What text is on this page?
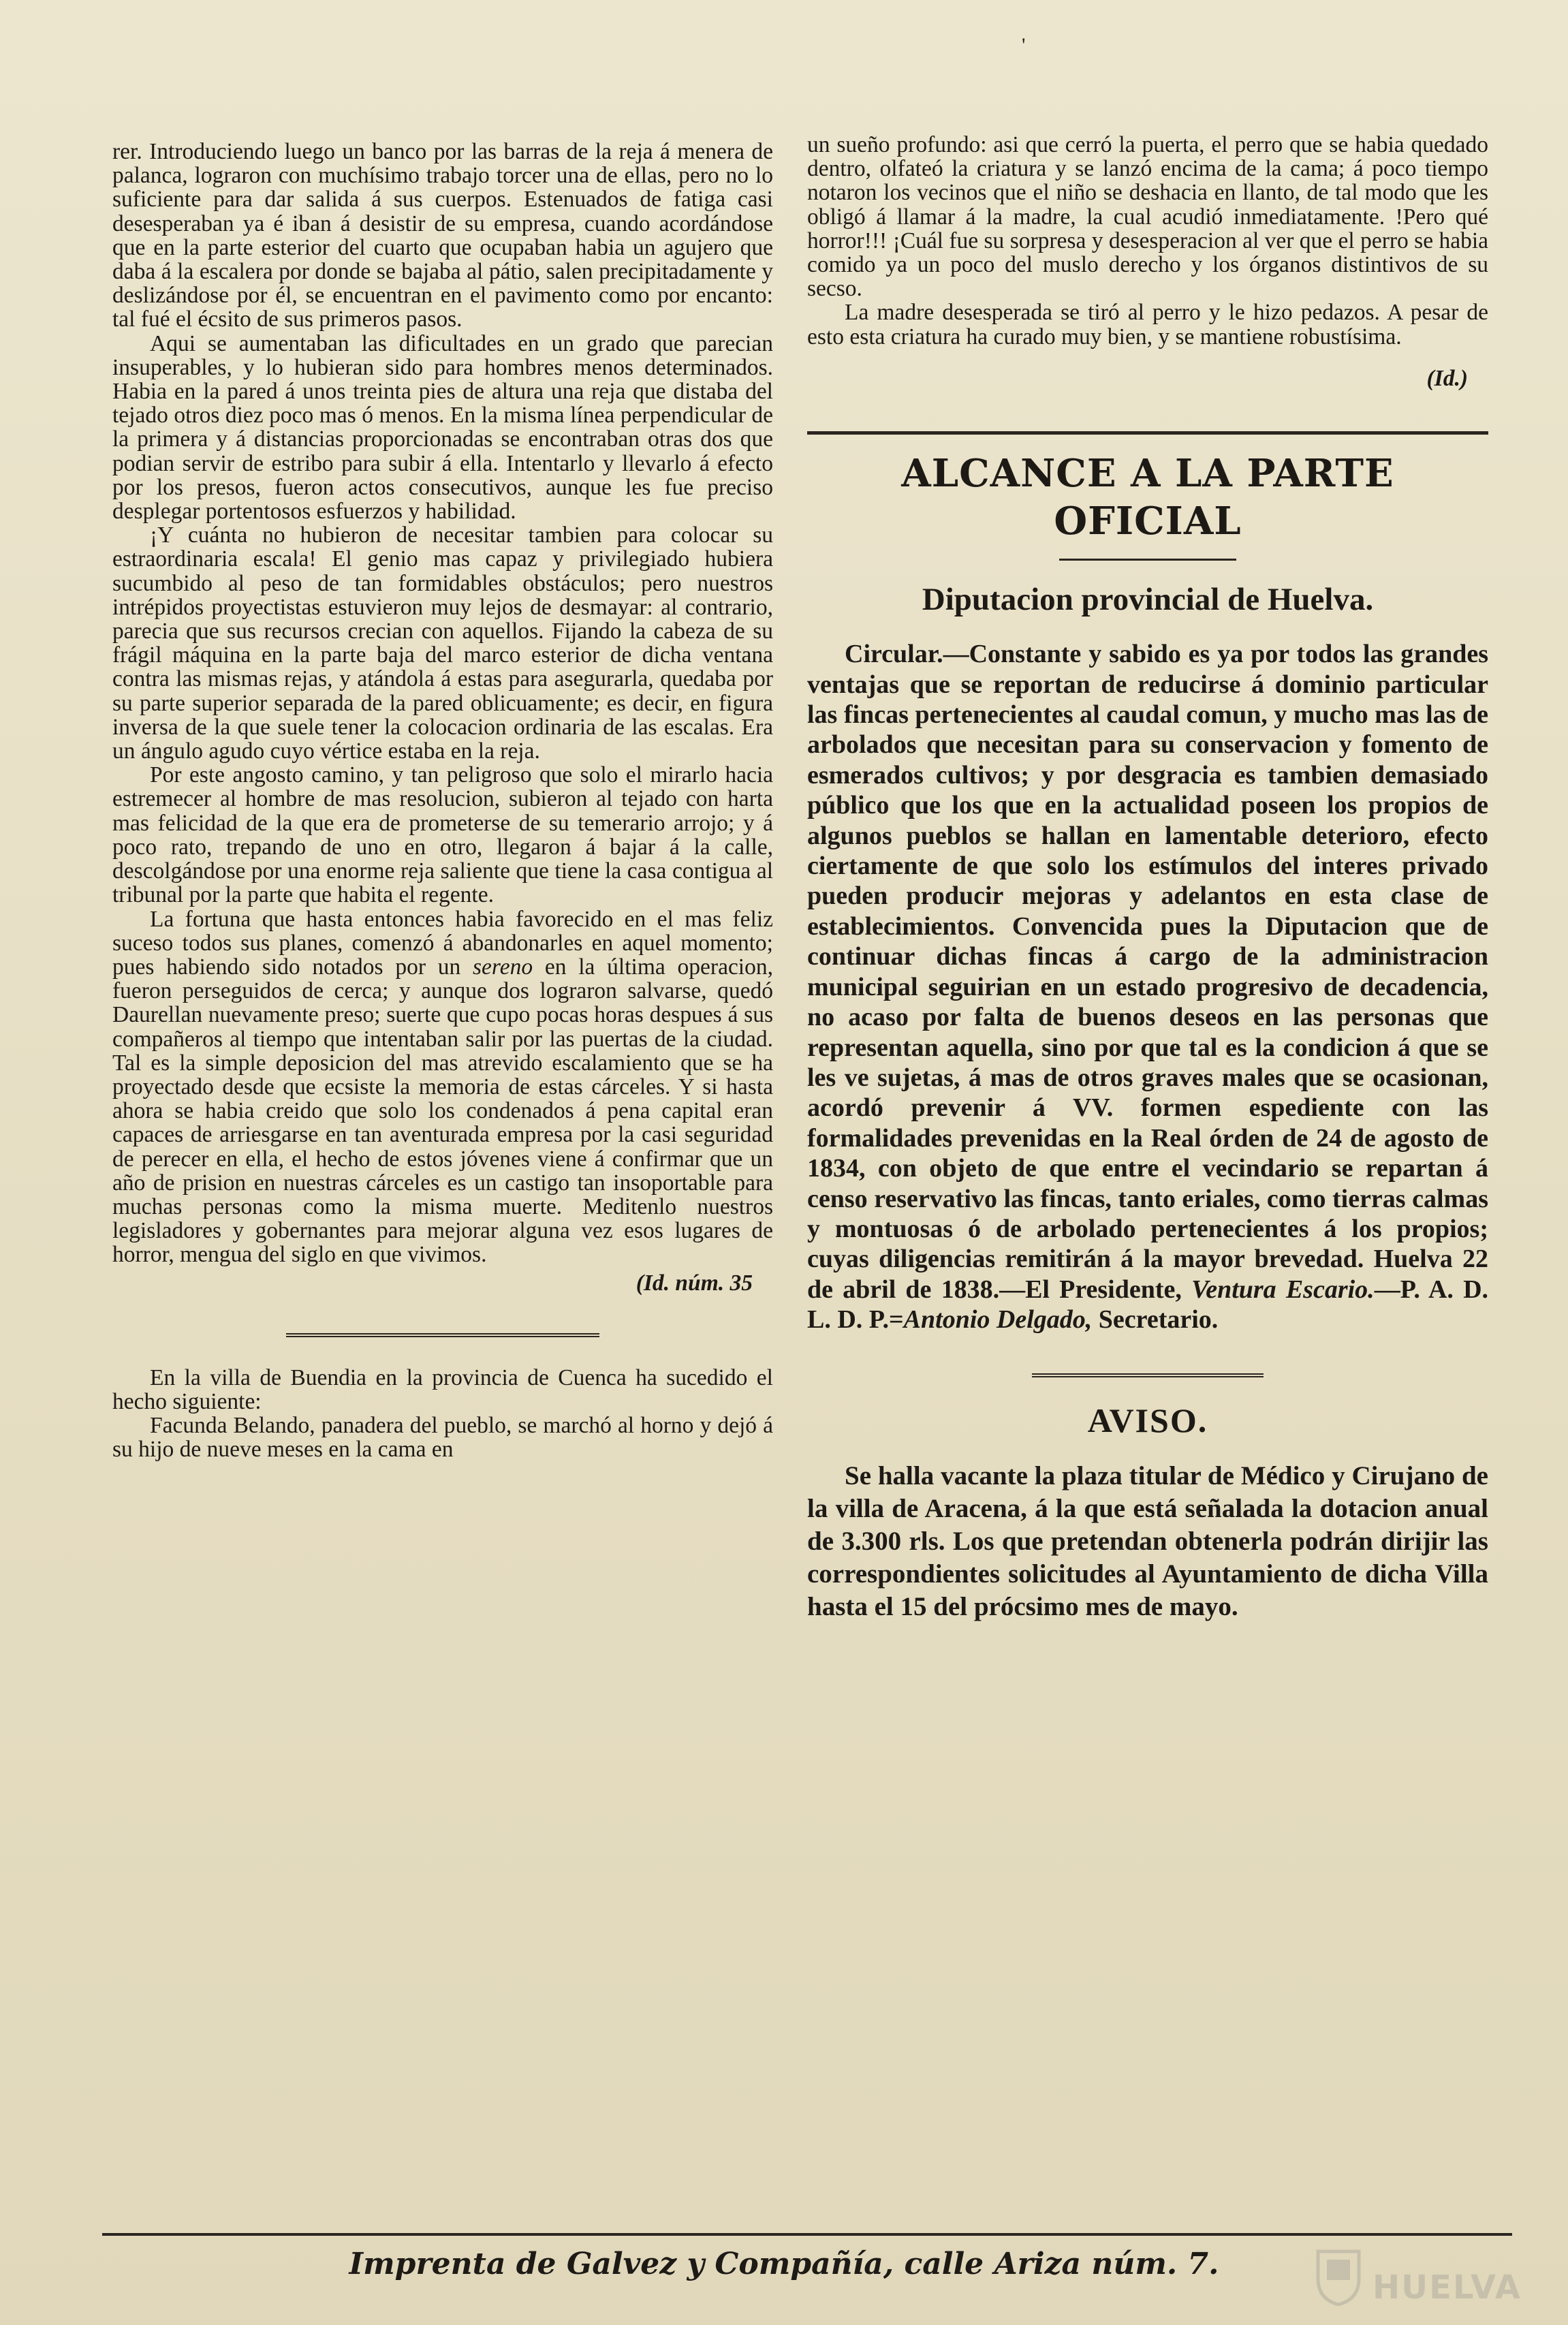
'

rer. Introduciendo luego un banco por las barras de la reja á menera de palanca, lograron con muchísimo trabajo torcer una de ellas, pero no lo suficiente para dar salida á sus cuerpos. Estenuados de fatiga casi desesperaban ya é iban á desistir de su empresa, cuando acordándose que en la parte esterior del cuarto que ocupaban habia un agujero que daba á la escalera por donde se bajaba al pátio, salen precipitadamente y deslizándose por él, se encuentran en el pavimento como por encanto: tal fué el écsito de sus primeros pasos.

Aqui se aumentaban las dificultades en un grado que parecian insuperables, y lo hubieran sido para hombres menos determinados. Habia en la pared á unos treinta pies de altura una reja que distaba del tejado otros diez poco mas ó menos. En la misma línea perpendicular de la primera y á distancias proporcionadas se encontraban otras dos que podian servir de estribo para subir á ella. Intentarlo y llevarlo á efecto por los presos, fueron actos consecutivos, aunque les fue preciso desplegar portentosos esfuerzos y habilidad.

¡Y cuánta no hubieron de necesitar tambien para colocar su estraordinaria escala! El genio mas capaz y privilegiado hubiera sucumbido al peso de tan formidables obstáculos; pero nuestros intrépidos proyectistas estuvieron muy lejos de desmayar: al contrario, parecia que sus recursos crecian con aquellos. Fijando la cabeza de su frágil máquina en la parte baja del marco esterior de dicha ventana contra las mismas rejas, y atándola á estas para asegurarla, quedaba por su parte superior separada de la pared oblicuamente; es decir, en figura inversa de la que suele tener la colocacion ordinaria de las escalas. Era un ángulo agudo cuyo vértice estaba en la reja.

Por este angosto camino, y tan peligroso que solo el mirarlo hacia estremecer al hombre de mas resolucion, subieron al tejado con harta mas felicidad de la que era de prometerse de su temerario arrojo; y á poco rato, trepando de uno en otro, llegaron á bajar á la calle, descolgándose por una enorme reja saliente que tiene la casa contigua al tribunal por la parte que habita el regente.

La fortuna que hasta entonces habia favorecido en el mas feliz suceso todos sus planes, comenzó á abandonarles en aquel momento; pues habiendo sido notados por un sereno en la última operacion, fueron perseguidos de cerca; y aunque dos lograron salvarse, quedó Daurellan nuevamente preso; suerte que cupo pocas horas despues á sus compañeros al tiempo que intentaban salir por las puertas de la ciudad. Tal es la simple deposicion del mas atrevido escalamiento que se ha proyectado desde que ecsiste la memoria de estas cárceles. Y si hasta ahora se habia creido que solo los condenados á pena capital eran capaces de arriesgarse en tan aventurada empresa por la casi seguridad de perecer en ella, el hecho de estos jóvenes viene á confirmar que un año de prision en nuestras cárceles es un castigo tan insoportable para muchas personas como la misma muerte. Meditenlo nuestros legisladores y gobernantes para mejorar alguna vez esos lugares de horror, mengua del siglo en que vivimos.

(Id. núm. 35

En la villa de Buendia en la provincia de Cuenca ha sucedido el hecho siguiente:

Facunda Belando, panadera del pueblo, se marchó al horno y dejó á su hijo de nueve meses en la cama en

un sueño profundo: asi que cerró la puerta, el perro que se habia quedado dentro, olfateó la criatura y se lanzó encima de la cama; á poco tiempo notaron los vecinos que el niño se deshacia en llanto, de tal modo que les obligó á llamar á la madre, la cual acudió inmediatamente. !Pero qué horror!!! ¡Cuál fue su sorpresa y desesperacion al ver que el perro se habia comido ya un poco del muslo derecho y los órganos distintivos de su secso.

La madre desesperada se tiró al perro y le hizo pedazos. A pesar de esto esta criatura ha curado muy bien, y se mantiene robustísima.

(Id.)
ALCANCE A LA PARTE OFICIAL
Diputacion provincial de Huelva.

Circular.—Constante y sabido es ya por todos las grandes ventajas que se reportan de reducirse á dominio particular las fincas pertenecientes al caudal comun, y mucho mas las de arbolados que necesitan para su conservacion y fomento de esmerados cultivos; y por desgracia es tambien demasiado público que los que en la actualidad poseen los propios de algunos pueblos se hallan en lamentable deterioro, efecto ciertamente de que solo los estímulos del interes privado pueden producir mejoras y adelantos en esta clase de establecimientos. Convencida pues la Diputacion que de continuar dichas fincas á cargo de la administracion municipal seguirian en un estado progresivo de decadencia, no acaso por falta de buenos deseos en las personas que representan aquella, sino por que tal es la condicion á que se les ve sujetas, á mas de otros graves males que se ocasionan, acordó prevenir á VV. formen espediente con las formalidades prevenidas en la Real órden de 24 de agosto de 1834, con objeto de que entre el vecindario se repartan á censo reservativo las fincas, tanto eriales, como tierras calmas y montuosas ó de arbolado pertenecientes á los propios; cuyas diligencias remitirán á la mayor brevedad. Huelva 22 de abril de 1838.—El Presidente, Ventura Escario.—P. A. D. L. D. P.=Antonio Delgado, Secretario.

AVISO.

Se halla vacante la plaza titular de Médico y Cirujano de la villa de Aracena, á la que está señalada la dotacion anual de 3.300 rls. Los que pretendan obtenerla podrán dirijir las correspondientes solicitudes al Ayuntamiento de dicha Villa hasta el 15 del prócsimo mes de mayo.

Imprenta de Galvez y Compañía, calle Ariza núm. 7.
HUELVA
